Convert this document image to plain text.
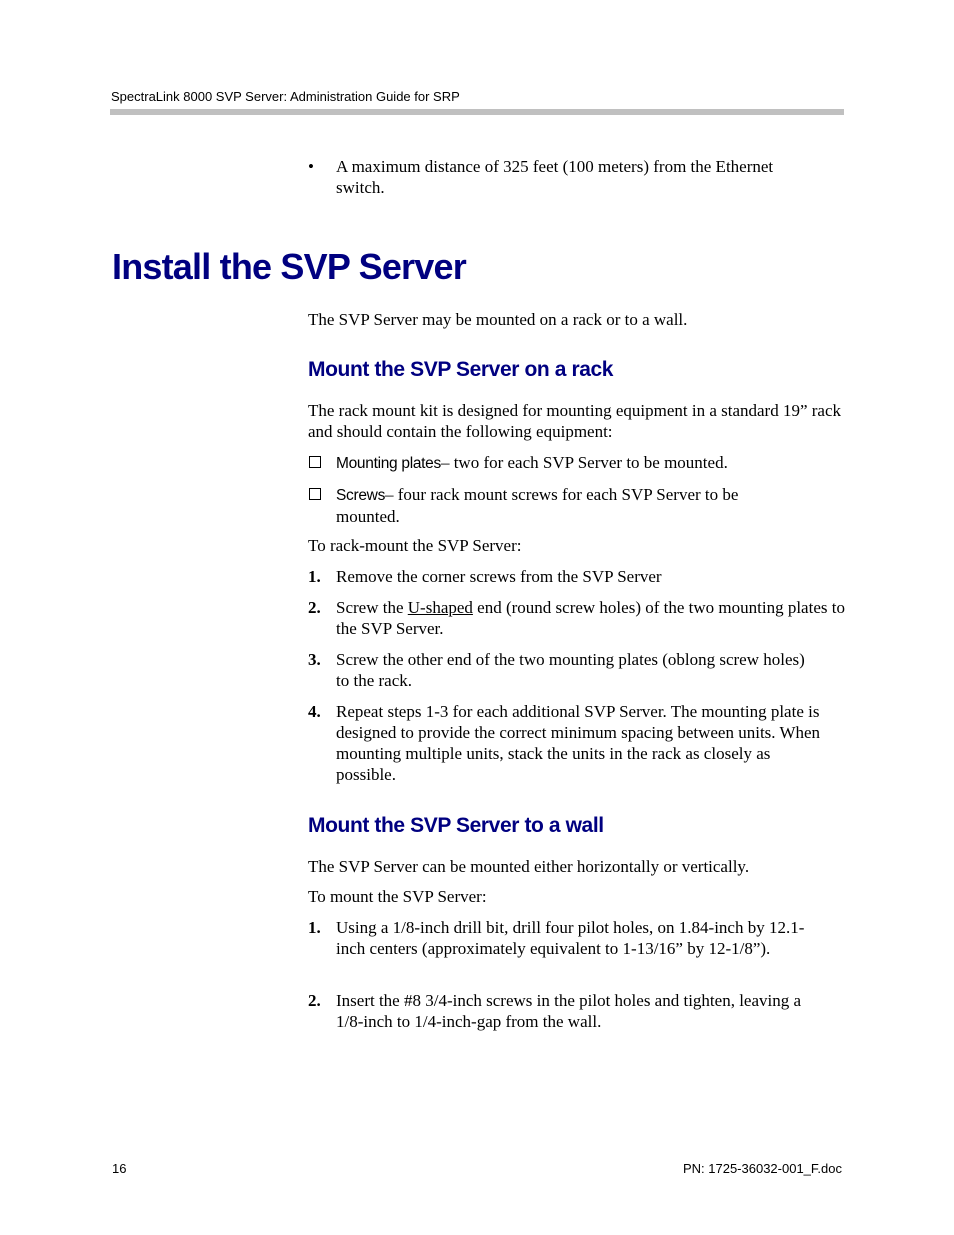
SpectraLink 8000 SVP Server: Administration Guide for SRP
• A maximum distance of 325 feet (100 meters) from the Ethernet switch.
Install the SVP Server
The SVP Server may be mounted on a rack or to a wall.
Mount the SVP Server on a rack
The rack mount kit is designed for mounting equipment in a standard 19” rack and should contain the following equipment:
Mounting plates– two for each SVP Server to be mounted.
Screws– four rack mount screws for each SVP Server to be mounted.
To rack-mount the SVP Server:
1. Remove the corner screws from the SVP Server
2. Screw the U-shaped end (round screw holes) of the two mounting plates to the SVP Server.
3. Screw the other end of the two mounting plates (oblong screw holes) to the rack.
4. Repeat steps 1-3 for each additional SVP Server. The mounting plate is designed to provide the correct minimum spacing between units. When mounting multiple units, stack the units in the rack as closely as possible.
Mount the SVP Server to a wall
The SVP Server can be mounted either horizontally or vertically.
To mount the SVP Server:
1. Using a 1/8-inch drill bit, drill four pilot holes, on 1.84-inch by 12.1-inch centers (approximately equivalent to 1-13/16” by 12-1/8”).
2. Insert the #8 3/4-inch screws in the pilot holes and tighten, leaving a 1/8-inch to 1/4-inch-gap from the wall.
16	PN: 1725-36032-001_F.doc
